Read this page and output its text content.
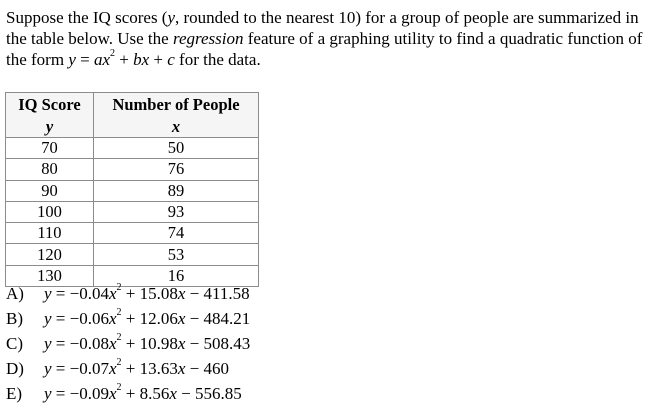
Suppose the IQ scores (y, rounded to the nearest 10) for a group of people are summarized in the table below. Use the regression feature of a graphing utility to find a quadratic function of the form $y = ax^2$ + bx + c for the data.
IQ Score	Number of People
y	x
70	50
80	76
90	89
100	93
110	74
120	53
130	16
A) $y = -0.04x^2 + 15.08x - 411.58$
B) $y = -0.06x^2 + 12.06x - 484.21$
C) $y = -0.08x^2 + 10.98x - 508.43$
D) $y = -0.07x^2 + 13.63x - 460$
E) $y = -0.09x^2 + 8.56x - 556.85$
